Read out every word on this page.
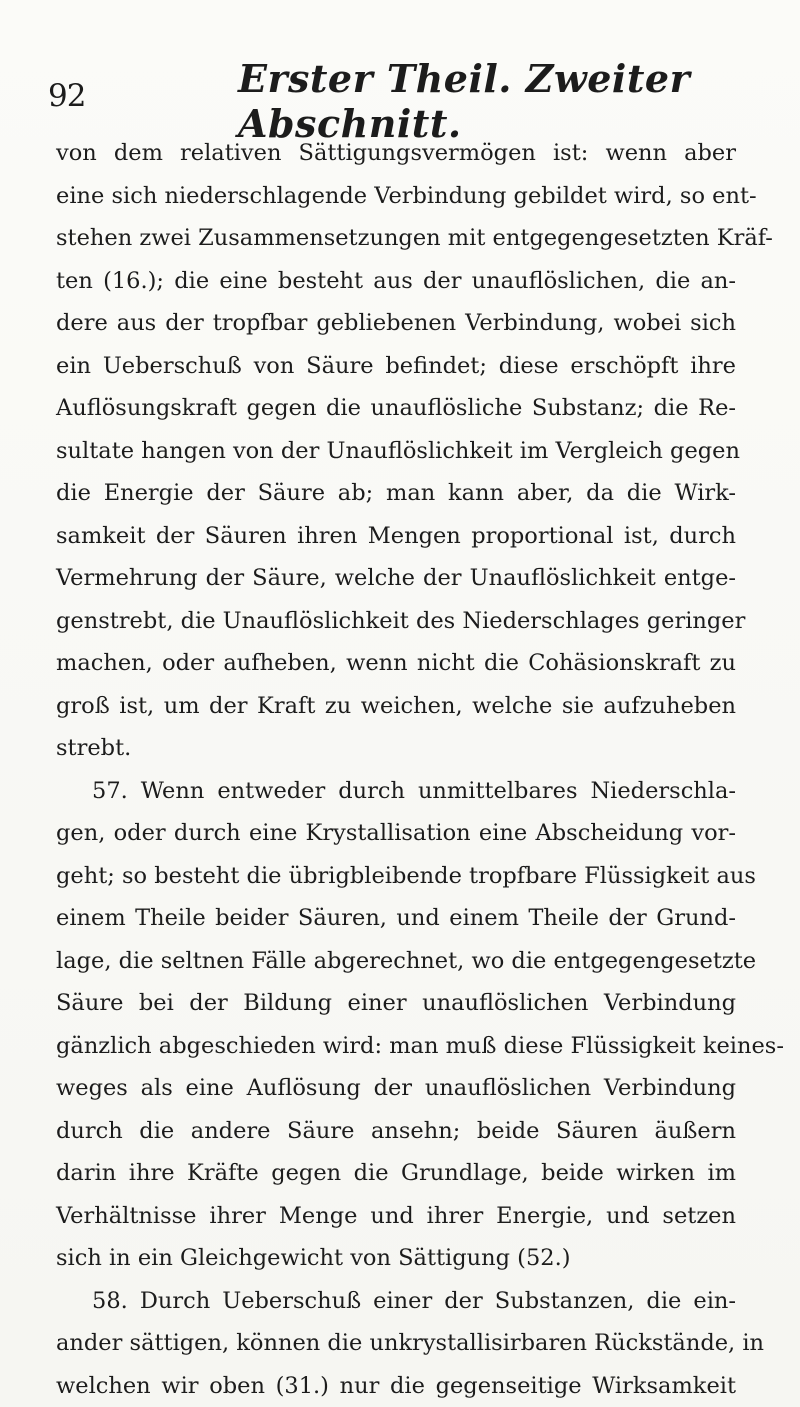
92	Erster Theil. Zweiter Abschnitt.
von dem relativen Sättigungsvermögen ist: wenn aber
eine sich niederschlagende Verbindung gebildet wird, so ent-
stehen zwei Zusammensetzungen mit entgegengesetzten Kräf-
ten (16.); die eine besteht aus der unauflöslichen, die an-
dere aus der tropfbar gebliebenen Verbindung, wobei sich
ein Ueberschuß von Säure befindet; diese erschöpft ihre
Auflösungskraft gegen die unauflösliche Substanz; die Re-
sultate hangen von der Unauflöslichkeit im Vergleich gegen
die Energie der Säure ab; man kann aber, da die Wirk-
samkeit der Säuren ihren Mengen proportional ist, durch
Vermehrung der Säure, welche der Unauflöslichkeit entge-
genstrebt, die Unauflöslichkeit des Niederschlages geringer
machen, oder aufheben, wenn nicht die Cohäsionskraft zu
groß ist, um der Kraft zu weichen, welche sie aufzuheben
strebt.
57. Wenn entweder durch unmittelbares Niederschla-
gen, oder durch eine Krystallisation eine Abscheidung vor-
geht; so besteht die übrigbleibende tropfbare Flüssigkeit aus
einem Theile beider Säuren, und einem Theile der Grund-
lage, die seltnen Fälle abgerechnet, wo die entgegengesetzte
Säure bei der Bildung einer unauflöslichen Verbindung
gänzlich abgeschieden wird: man muß diese Flüssigkeit keines-
weges als eine Auflösung der unauflöslichen Verbindung
durch die andere Säure ansehn; beide Säuren äußern
darin ihre Kräfte gegen die Grundlage, beide wirken im
Verhältnisse ihrer Menge und ihrer Energie, und setzen
sich in ein Gleichgewicht von Sättigung (52.)
58. Durch Ueberschuß einer der Substanzen, die ein-
ander sättigen, können die unkrystallisirbaren Rückstände, in
welchen wir oben (31.) nur die gegenseitige Wirksamkeit
